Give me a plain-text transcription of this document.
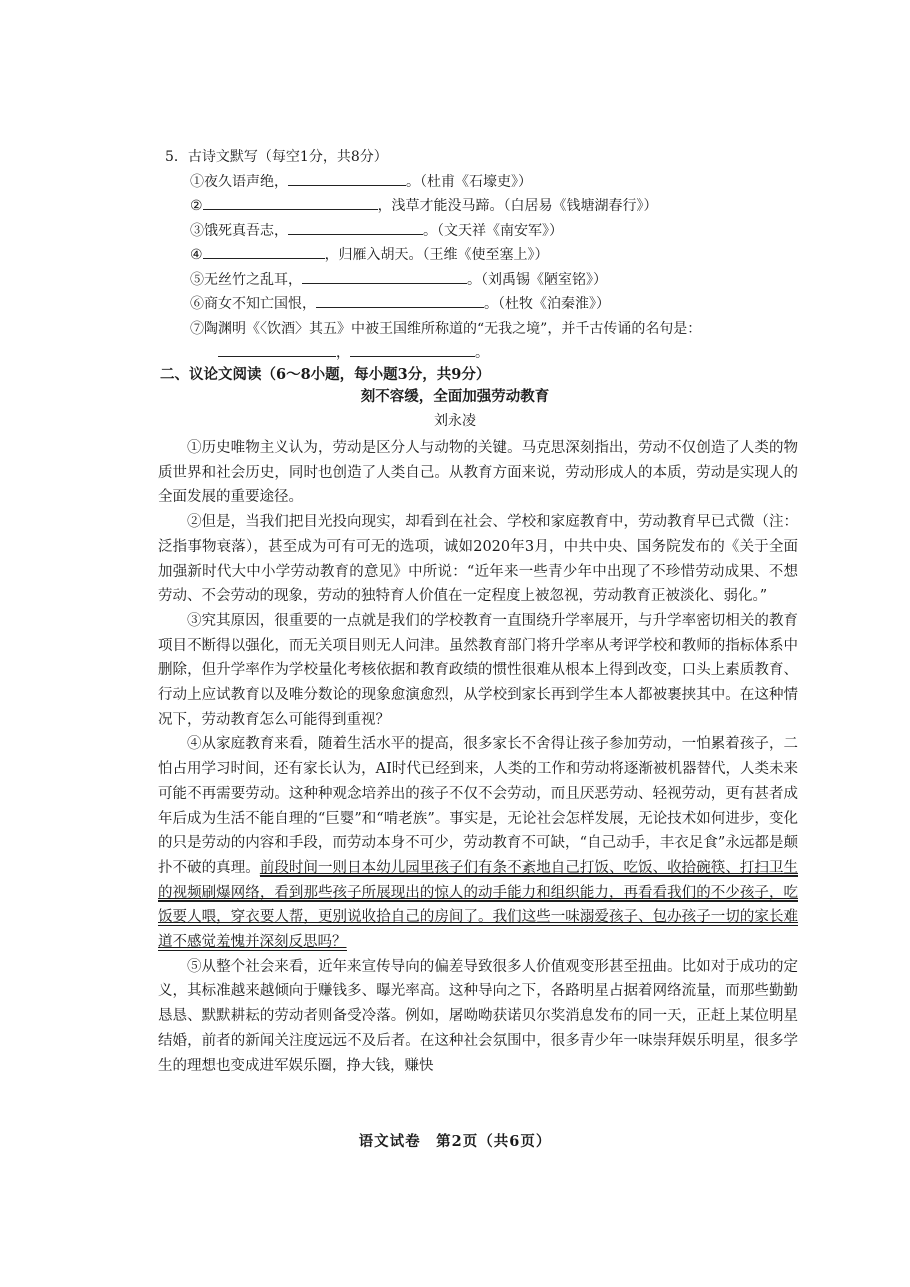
5．古诗文默写（每空1分，共8分）
①夜久语声绝，	。（杜甫《石壕吏》）
②	，浅草才能没马蹄。（白居易《钱塘湖春行》）
③饿死真吾志，	。（文天祥《南安军》）
④	，归雁入胡天。（王维《使至塞上》）
⑤无丝竹之乱耳，	。（刘禹锡《陋室铭》）
⑥商女不知亡国恨，	。（杜牧《泊秦淮》）
⑦陶渊明《〈饮酒〉其五》中被王国维所称道的“无我之境”，并千古传诵的名句是：
，	。
二、议论文阅读（6～8小题，每小题3分，共9分）
刻不容缓，全面加强劳动教育
刘永凌

①历史唯物主义认为，劳动是区分人与动物的关键。马克思深刻指出，劳动不仅创造了人类的物质世界和社会历史，同时也创造了人类自己。从教育方面来说，劳动形成人的本质，劳动是实现人的全面发展的重要途径。

②但是，当我们把目光投向现实，却看到在社会、学校和家庭教育中，劳动教育早已式微（注：泛指事物衰落），甚至成为可有可无的选项，诚如2020年3月，中共中央、国务院发布的《关于全面加强新时代大中小学劳动教育的意见》中所说：“近年来一些青少年中出现了不珍惜劳动成果、不想劳动、不会劳动的现象，劳动的独特育人价值在一定程度上被忽视，劳动教育正被淡化、弱化。”

③究其原因，很重要的一点就是我们的学校教育一直围绕升学率展开，与升学率密切相关的教育项目不断得以强化，而无关项目则无人问津。虽然教育部门将升学率从考评学校和教师的指标体系中删除，但升学率作为学校量化考核依据和教育政绩的惯性很难从根本上得到改变，口头上素质教育、行动上应试教育以及唯分数论的现象愈演愈烈，从学校到家长再到学生本人都被裹挟其中。在这种情况下，劳动教育怎么可能得到重视？

④从家庭教育来看，随着生活水平的提高，很多家长不舍得让孩子参加劳动，一怕累着孩子，二怕占用学习时间，还有家长认为，AI时代已经到来，人类的工作和劳动将逐渐被机器替代，人类未来可能不再需要劳动。这种种观念培养出的孩子不仅不会劳动，而且厌恶劳动、轻视劳动，更有甚者成年后成为生活不能自理的“巨婴”和“啃老族”。事实是，无论社会怎样发展，无论技术如何进步，变化的只是劳动的内容和手段，而劳动本身不可少，劳动教育不可缺，“自己动手，丰衣足食”永远都是颠扑不破的真理。前段时间一则日本幼儿园里孩子们有条不紊地自己打饭、吃饭、收拾碗筷、打扫卫生的视频刷爆网络，看到那些孩子所展现出的惊人的动手能力和组织能力，再看看我们的不少孩子，吃饭要人喂，穿衣要人帮，更别说收拾自己的房间了。我们这些一味溺爱孩子、包办孩子一切的家长难道不感觉羞愧并深刻反思吗？

⑤从整个社会来看，近年来宣传导向的偏差导致很多人价值观变形甚至扭曲。比如对于成功的定义，其标准越来越倾向于赚钱多、曝光率高。这种导向之下，各路明星占据着网络流量，而那些勤勤恳恳、默默耕耘的劳动者则备受冷落。例如，屠呦呦获诺贝尔奖消息发布的同一天，正赶上某位明星结婚，前者的新闻关注度远远不及后者。在这种社会氛围中，很多青少年一味崇拜娱乐明星，很多学生的理想也变成进军娱乐圈，挣大钱，赚快

语文试卷　第2页（共6页）
